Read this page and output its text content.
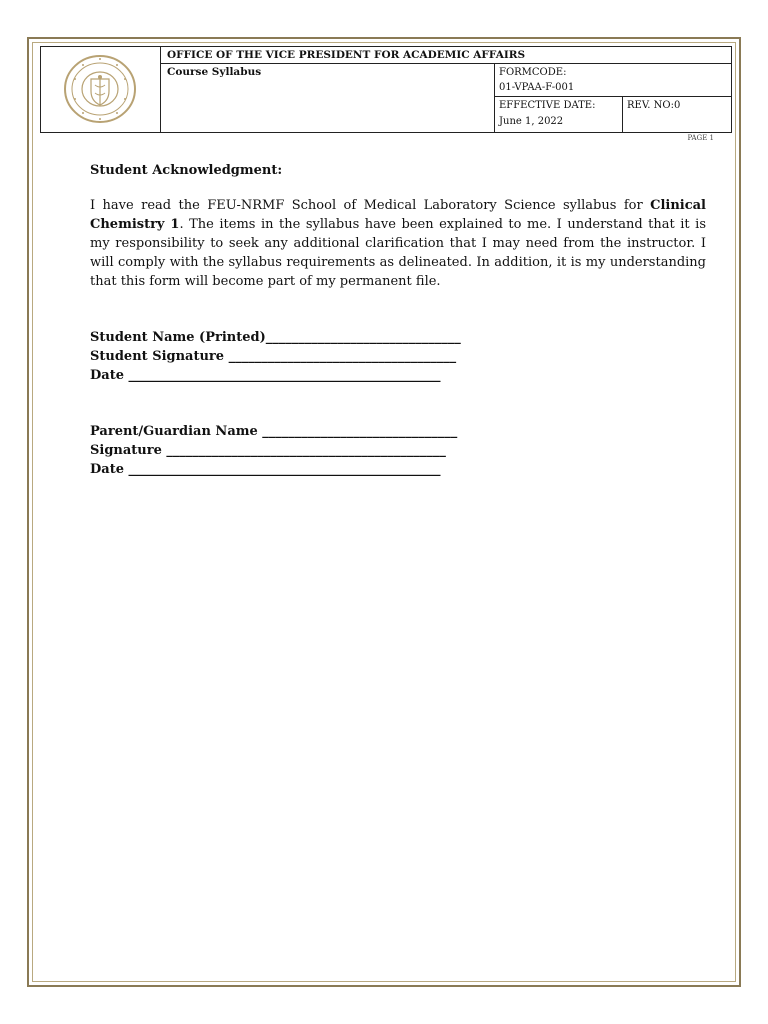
OFFICE OF THE VICE PRESIDENT FOR ACADEMIC AFFAIRS
Course Syllabus	FORMCODE:
01-VPAA-F-001
EFFECTIVE DATE:
June 1, 2022
REV. NO:0
PAGE 1

Student Acknowledgment:

I have read the FEU-NRMF School of Medical Laboratory Science syllabus for Clinical Chemistry 1. The items in the syllabus have been explained to me. I understand that it is my responsibility to seek any additional clarification that I may need from the instructor. I will comply with the syllabus requirements as delineated. In addition, it is my understanding that this form will become part of my permanent file.

Student Name (Printed)______________________________
Student Signature ___________________________________
Date ________________________________________________
Parent/Guardian Name ______________________________
Signature ___________________________________________
Date ________________________________________________
